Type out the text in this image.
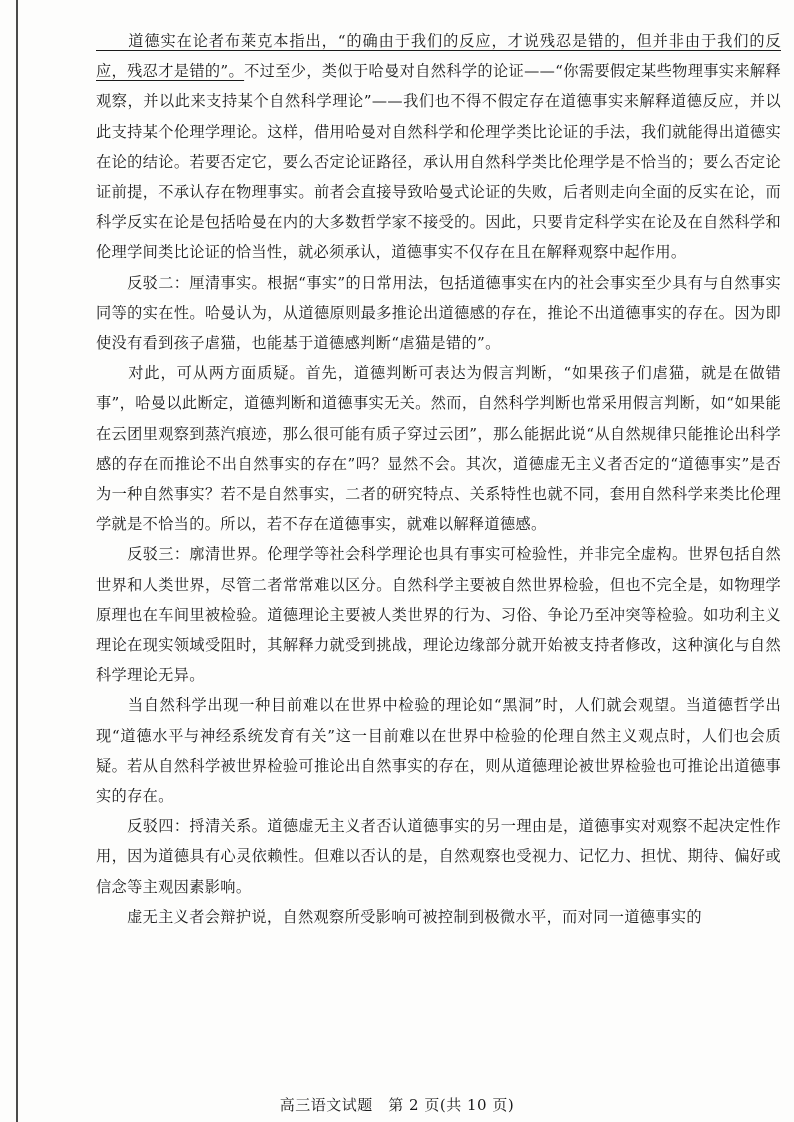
　　道德实在论者布莱克本指出，“的确由于我们的反应，才说残忍是错的，但并非由于我们的反应，残忍才是错的”。不过至少，类似于哈曼对自然科学的论证——“你需要假定某些物理事实来解释观察，并以此来支持某个自然科学理论”——我们也不得不假定存在道德事实来解释道德反应，并以此支持某个伦理学理论。这样，借用哈曼对自然科学和伦理学类比论证的手法，我们就能得出道德实在论的结论。若要否定它，要么否定论证路径，承认用自然科学类比伦理学是不恰当的；要么否定论证前提，不承认存在物理事实。前者会直接导致哈曼式论证的失败，后者则走向全面的反实在论，而科学反实在论是包括哈曼在内的大多数哲学家不接受的。因此，只要肯定科学实在论及在自然科学和伦理学间类比论证的恰当性，就必须承认，道德事实不仅存在且在解释观察中起作用。

　　反驳二：厘清事实。根据“事实”的日常用法，包括道德事实在内的社会事实至少具有与自然事实同等的实在性。哈曼认为，从道德原则最多推论出道德感的存在，推论不出道德事实的存在。因为即使没有看到孩子虐猫，也能基于道德感判断“虐猫是错的”。

　　对此，可从两方面质疑。首先，道德判断可表达为假言判断，“如果孩子们虐猫，就是在做错事”，哈曼以此断定，道德判断和道德事实无关。然而，自然科学判断也常采用假言判断，如“如果能在云团里观察到蒸汽痕迹，那么很可能有质子穿过云团”，那么能据此说“从自然规律只能推论出科学感的存在而推论不出自然事实的存在”吗？显然不会。其次，道德虚无主义者否定的“道德事实”是否为一种自然事实？若不是自然事实，二者的研究特点、关系特性也就不同，套用自然科学来类比伦理学就是不恰当的。所以，若不存在道德事实，就难以解释道德感。

　　反驳三：廓清世界。伦理学等社会科学理论也具有事实可检验性，并非完全虚构。世界包括自然世界和人类世界，尽管二者常常难以区分。自然科学主要被自然世界检验，但也不完全是，如物理学原理也在车间里被检验。道德理论主要被人类世界的行为、习俗、争论乃至冲突等检验。如功利主义理论在现实领域受阻时，其解释力就受到挑战，理论边缘部分就开始被支持者修改，这种演化与自然科学理论无异。

　　当自然科学出现一种目前难以在世界中检验的理论如“黑洞”时，人们就会观望。当道德哲学出现“道德水平与神经系统发育有关”这一目前难以在世界中检验的伦理自然主义观点时，人们也会质疑。若从自然科学被世界检验可推论出自然事实的存在，则从道德理论被世界检验也可推论出道德事实的存在。

　　反驳四：捋清关系。道德虚无主义者否认道德事实的另一理由是，道德事实对观察不起决定性作用，因为道德具有心灵依赖性。但难以否认的是，自然观察也受视力、记忆力、担忧、期待、偏好或信念等主观因素影响。

　　虚无主义者会辩护说，自然观察所受影响可被控制到极微水平，而对同一道德事实的

高三语文试题　第 2 页(共 10 页)
